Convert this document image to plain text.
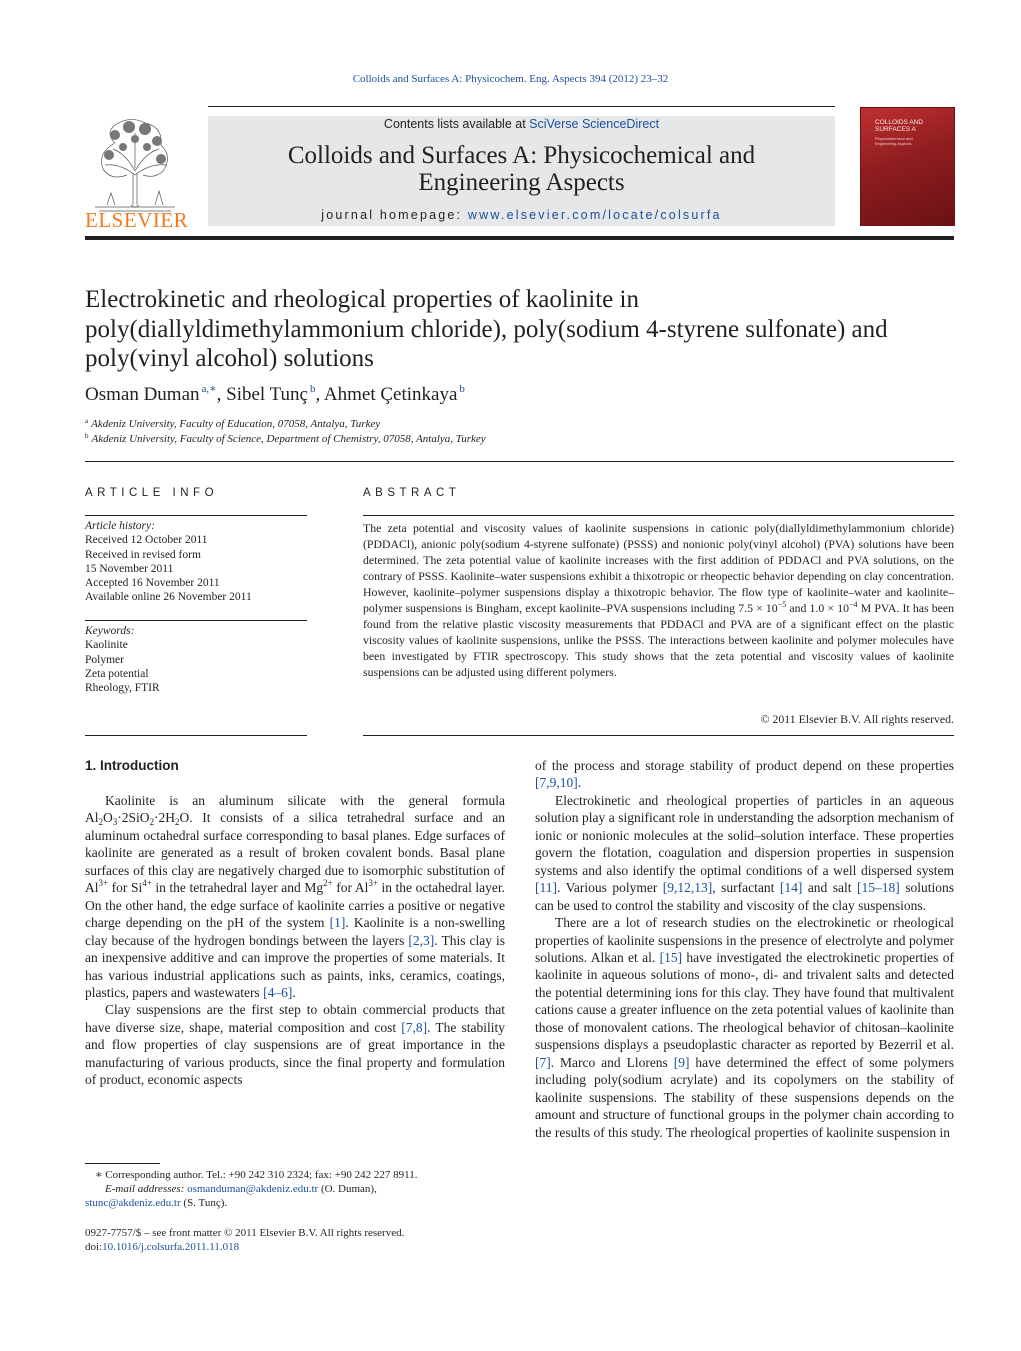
Colloids and Surfaces A: Physicochem. Eng. Aspects 394 (2012) 23–32
Contents lists available at SciVerse ScienceDirect
Colloids and Surfaces A: Physicochemical and
Engineering Aspects
journal homepage: www.elsevier.com/locate/colsurfa
ELSEVIER
COLLOIDS AND SURFACES A
Physicochemical and Engineering Aspects
Electrokinetic and rheological properties of kaolinite in
poly(diallyldimethylammonium chloride), poly(sodium 4-styrene sulfonate) and
poly(vinyl alcohol) solutions
Osman Duman $^{a,∗}$, Sibel Tunç $^b$, Ahmet Çetinkaya $^b$
$^a$ Akdeniz University, Faculty of Education, 07058, Antalya, Turkey
$^b$ Akdeniz University, Faculty of Science, Department of Chemistry, 07058, Antalya, Turkey
ARTICLE INFO
Article history:
Received 12 October 2011
Received in revised form
15 November 2011
Accepted 16 November 2011
Available online 26 November 2011
Keywords:
Kaolinite
Polymer
Zeta potential
Rheology, FTIR
ABSTRACT
The zeta potential and viscosity values of kaolinite suspensions in cationic poly(diallyldimethylammonium chloride) (PDDACl), anionic poly(sodium 4-styrene sulfonate) (PSSS) and nonionic poly(vinyl alcohol) (PVA) solutions have been determined. The zeta potential value of kaolinite increases with the first addition of PDDACl and PVA solutions, on the contrary of PSSS. Kaolinite–water suspensions exhibit a thixotropic or rheopectic behavior depending on clay concentration. However, kaolinite–polymer suspensions display a thixotropic behavior. The flow type of kaolinite–water and kaolinite–polymer suspensions is Bingham, except kaolinite–PVA suspensions including $7.5 \times 10^{-5}$ and $1.0 \times 10^{-4}$ M PVA. It has been found from the relative plastic viscosity measurements that PDDACl and PVA are of a significant effect on the plastic viscosity values of kaolinite suspensions, unlike the PSSS. The interactions between kaolinite and polymer molecules have been investigated by FTIR spectroscopy. This study shows that the zeta potential and viscosity values of kaolinite suspensions can be adjusted using different polymers.
© 2011 Elsevier B.V. All rights reserved.
1. Introduction

Kaolinite is an aluminum silicate with the general formula $Al_2O_3\cdot 2SiO_2\cdot 2H_2O$. It consists of a silica tetrahedral surface and an aluminum octahedral surface corresponding to basal planes. Edge surfaces of kaolinite are generated as a result of broken covalent bonds. Basal plane surfaces of this clay are negatively charged due to isomorphic substitution of $Al^{3+}$ for $Si^{4+}$ in the tetrahedral layer and $Mg^{2+}$ for $Al^{3+}$ in the octahedral layer. On the other hand, the edge surface of kaolinite carries a positive or negative charge depending on the pH of the system [1]. Kaolinite is a non-swelling clay because of the hydrogen bondings between the layers [2,3]. This clay is an inexpensive additive and can improve the properties of some materials. It has various industrial applications such as paints, inks, ceramics, coatings, plastics, papers and wastewaters [4–6].

Clay suspensions are the first step to obtain commercial products that have diverse size, shape, material composition and cost [7,8]. The stability and flow properties of clay suspensions are of great importance in the manufacturing of various products, since the final property and formulation of product, economic aspects

of the process and storage stability of product depend on these properties [7,9,10].

Electrokinetic and rheological properties of particles in an aqueous solution play a significant role in understanding the adsorption mechanism of ionic or nonionic molecules at the solid–solution interface. These properties govern the flotation, coagulation and dispersion properties in suspension systems and also identify the optimal conditions of a well dispersed system [11]. Various polymer [9,12,13], surfactant [14] and salt [15–18] solutions can be used to control the stability and viscosity of the clay suspensions.

There are a lot of research studies on the electrokinetic or rheological properties of kaolinite suspensions in the presence of electrolyte and polymer solutions. Alkan et al. [15] have investigated the electrokinetic properties of kaolinite in aqueous solutions of mono-, di- and trivalent salts and detected the potential determining ions for this clay. They have found that multivalent cations cause a greater influence on the zeta potential values of kaolinite than those of monovalent cations. The rheological behavior of chitosan–kaolinite suspensions displays a pseudoplastic character as reported by Bezerril et al. [7]. Marco and Llorens [9] have determined the effect of some polymers including poly(sodium acrylate) and its copolymers on the stability of kaolinite suspensions. The stability of these suspensions depends on the amount and structure of functional groups in the polymer chain according to the results of this study. The rheological properties of kaolinite suspension in

∗ Corresponding author. Tel.: +90 242 310 2324; fax: +90 242 227 8911.
E-mail addresses: osmanduman@akdeniz.edu.tr (O. Duman),
stunc@akdeniz.edu.tr (S. Tunç).
0927-7757/$ – see front matter © 2011 Elsevier B.V. All rights reserved.
doi:10.1016/j.colsurfa.2011.11.018
